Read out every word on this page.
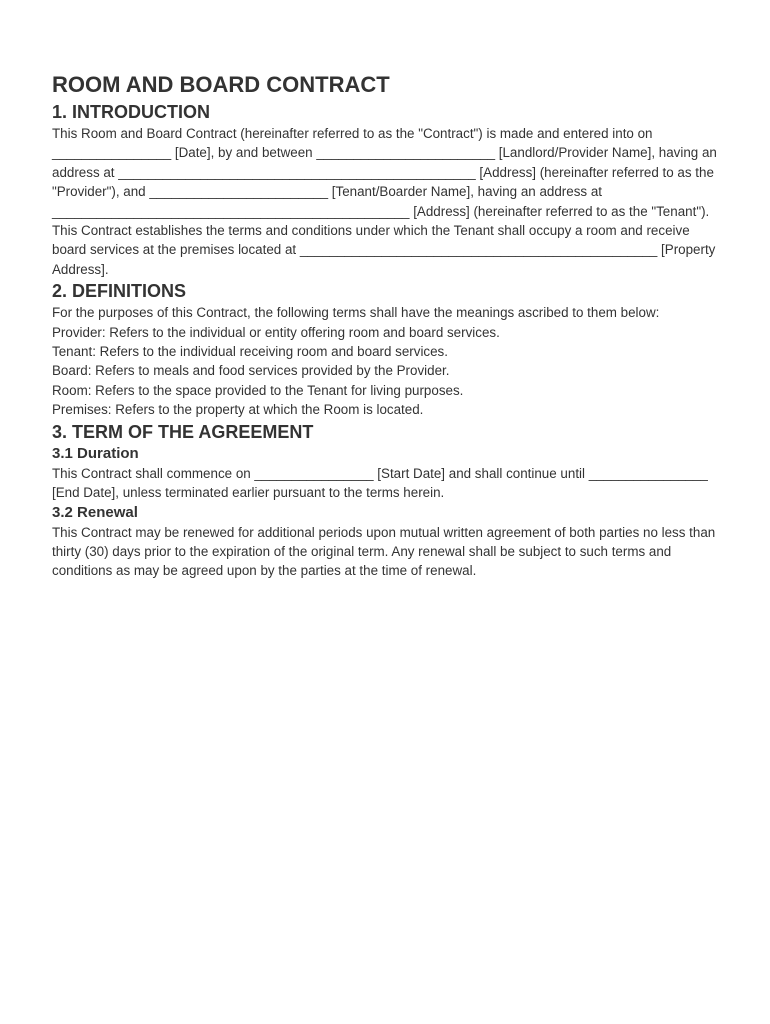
ROOM AND BOARD CONTRACT
1. INTRODUCTION

This Room and Board Contract (hereinafter referred to as the "Contract") is made and entered into on ________________ [Date], by and between ________________________ [Landlord/Provider Name], having an address at ________________________________________________ [Address] (hereinafter referred to as the "Provider"), and ________________________ [Tenant/Boarder Name], having an address at ________________________________________________ [Address] (hereinafter referred to as the "Tenant"). This Contract establishes the terms and conditions under which the Tenant shall occupy a room and receive board services at the premises located at ________________________________________________ [Property Address].

2. DEFINITIONS

For the purposes of this Contract, the following terms shall have the meanings ascribed to them below:

Provider: Refers to the individual or entity offering room and board services.

Tenant: Refers to the individual receiving room and board services.

Board: Refers to meals and food services provided by the Provider.

Room: Refers to the space provided to the Tenant for living purposes.

Premises: Refers to the property at which the Room is located.

3. TERM OF THE AGREEMENT
3.1 Duration

This Contract shall commence on ________________ [Start Date] and shall continue until ________________ [End Date], unless terminated earlier pursuant to the terms herein.

3.2 Renewal

This Contract may be renewed for additional periods upon mutual written agreement of both parties no less than thirty (30) days prior to the expiration of the original term. Any renewal shall be subject to such terms and conditions as may be agreed upon by the parties at the time of renewal.
